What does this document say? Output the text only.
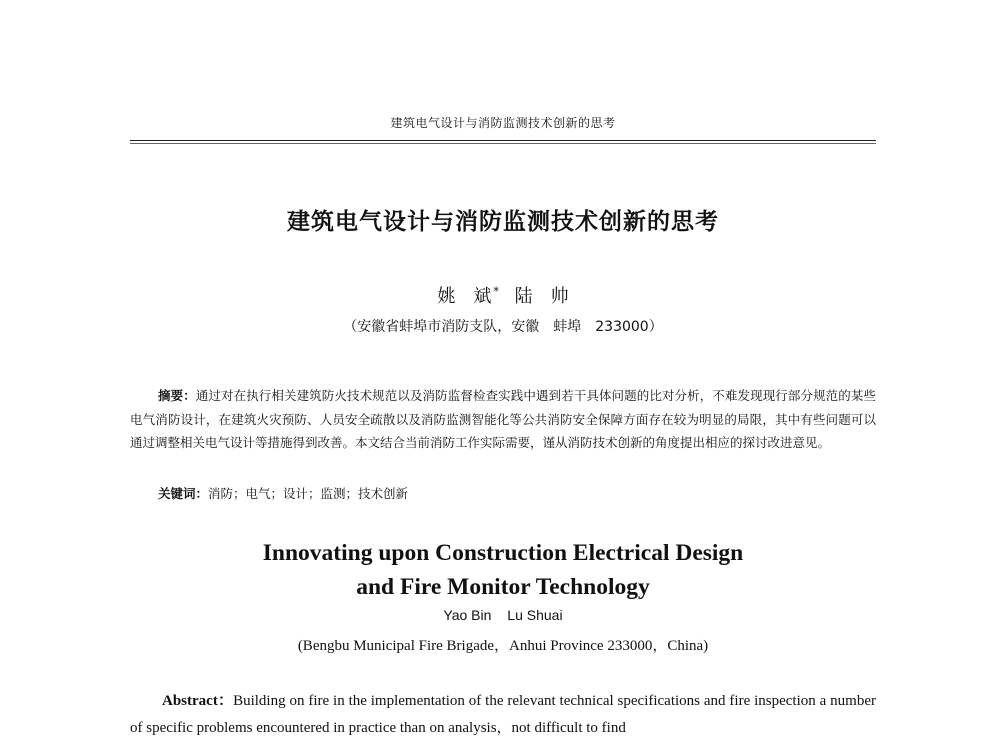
建筑电气设计与消防监测技术创新的思考
建筑电气设计与消防监测技术创新的思考
姚　斌 * 陆　帅
（安徽省蚌埠市消防支队，安徽　蚌埠　233000）
摘要：通过对在执行相关建筑防火技术规范以及消防监督检查实践中遇到若干具体问题的比对分析，不难发现现行部分规范的某些电气消防设计，在建筑火灾预防、人员安全疏散以及消防监测智能化等公共消防安全保障方面存在较为明显的局限，其中有些问题可以通过调整相关电气设计等措施得到改善。本文结合当前消防工作实际需要，谨从消防技术创新的角度提出相应的探讨改进意见。
关键词：消防；电气；设计；监测；技术创新
Innovating upon Construction Electrical Design
and Fire Monitor Technology
Yao Bin Lu Shuai
(Bengbu Municipal Fire Brigade，Anhui Province 233000，China)
Abstract：Building on fire in the implementation of the relevant technical specifications and fire inspection a number of specific problems encountered in practice than on analysis，not difficult to find
